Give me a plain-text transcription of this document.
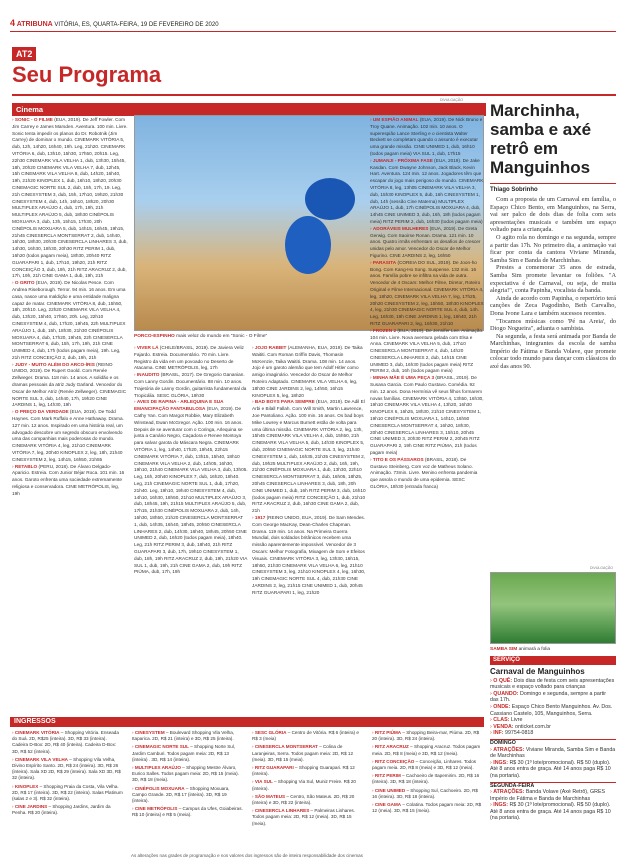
4 ATRIBUNA VITÓRIA, ES, QUARTA-FEIRA, 19 DE FEVEREIRO DE 2020
AT2
Seu Programa
Cinema
DIVULGAÇÃO

› SONIC - O FILME (EUA, 2019). De Jeff Fowler. Com Jim Carrey e James Marsden. Aventura. 100 min. Livre. Sonic tenta impedir os planos do Dr. Robotnik (Jim Carrey) de dominar o mundo. CINEMARK VITÓRIA 5, dub, 12h, 14h20, 16h40, 19h. Leg, 21h20. CINEMARK VITÓRIA 6, dub, 13h10, 15h30, 17h50, 20h15. Leg, 22h30 CINEMARK VILA VELHA 1, dub, 13h30, 15h45, 18h, 20h20 CINEMARK VILA VELHA 7, dub, 12h45, 15h CINEMARK VILA VELHA 8, dub, 14h20, 16h40, 19h, 21h20 KINOPLEX 1, dub, 16h10, 18h20, 20h30 CINEMAGIC NORTE SUL 2, dub, 15h, 17h, 19. Leg, 21h CINESYSTEM 3, dub, 15h, 17h10, 19h20, 21h30 CINESYSTEM 4, dub, 14h, 16h10, 18h20, 20h30 MULTIPLEX ARAÚJO 4, dub, 17h, 19h, 21h MULTIPLEX ARAÚJO 5, dub, 18h30 CINÉPOLIS MOXUARA 3, dub, 13h, 15h15, 17h30, 20h CINÉPOLIS MOXUARA 5, dub, 14h15, 16h45, 19h15, 21h45 CINESERCLA MONTSERRAT 2, dub, 14h40, 16h30, 18h30, 20h30 CINESERCLA LINHARES 3, dub, 14h30, 16h30, 18h30, 20h30 RITZ PERIM 1, dub, 16h20 (todos pagam meia), 18h30, 20h40 RITZ GUARAPARI 1, dub, 17h10, 19h20, 21h RITZ CONCEIÇÃO 3, dub, 19h, 21h RITZ ARACRUZ 2, dub, 17h, 19h, 21h CINE GAMA 1, dub, 19h, 21h

› O GRITO (EUA, 2019). De Nicolas Pesce. Com Andrea Riseborough. Terror. 94 min. 16 anos. Em uma casa, nasce uma maldição e uma entidade maligna capaz de matar. CINEMARK VITÓRIA 8, dub, 15h50, 18h, 20h10. Leg, 22h20 CINEMARK VILA VELHA 4, dub, 13h20, 15h40, 17h50, 20h. Leg, 22h10 CINESYSTEM 4, dub, 17h20, 19h45, 22h MULTIPLEX ARAÚJO 1, dub, 15h, 18h30, 21h30 CINÉPOLIS MOXUARA 4, dub, 17h20, 19h45, 22h CINESERCLA MONTSERRAT 6, dub, 15h, 17h, 19h, 21h CINE UNIMED 4, dub, 17h (todos pagam meia), 19h. Leg, 21h RITZ CONCEIÇÃO 2, dub, 19h, 21h

› JUDY - MUITO ALÉM DO ARCO-ÍRIS (REINO UNIDO, 2019). De Rupert Goold. Com Renée Zellweger. Drama. 118 min. 14 anos. A solidão e os dramas pessoais da atriz Judy Garland. Vencedor do Oscar de Melhor Atriz (Renée Zellweger). CINEMAGIC NORTE SUL 3, dub, 14h40, 17h, 19h20 CINE JARDINS 1, leg, 14h30, 19h

› O PREÇO DA VERDADE (EUA, 2019). De Todd Haynes. Com Mark Ruffalo e Anne Hathaway. Drama. 127 min. 12 anos. Inspirado em uma história real, um advogado descobre um segredo obscuro envolvendo uma das companhias mais poderosas do mundo. CINEMARK VITÓRIA 4, leg, 21h10 CINEMARK VITÓRIA 7, leg, 20h40 KINOPLEX 2, leg, 18h, 21h40 CINESYSTEM 2, leg, 14h15, 16h50, 21h55

› RETABLO (PERU, 2018). De Álvaro Delgado-Aparicio. Estreia. Com Junior Béjar Roca. 101 min. 16 anos. Garoto enfrenta uma sociedade extremamente religiosa e conservadora. CINE METRÓPOLIS, leg, 19h

PORCO-ESPINHO mais veloz do mundo em "Sonic - O Filme"

› VIVER LÁ (CHILE/BRASIL, 2019). De Javiera Veliz Fajardo. Estreia. Documentário. 70 min. Livre. Registro da vida em um povoado no Deserto de Atacama. CINE METRÓPOLIS, leg, 17h

› INAUDITO (BRASIL, 2017). De Gregorio Gananian. Com Lanny Gordin. Documentário. 88 min. 10 anos. Trajetória de Lanny Gordin, guitarrista fundamental da Tropicália. SESC GLÓRIA, 19h30

› AVES DE RAPINA - ARLEQUINA E SUA EMANCIPAÇÃO FANTABULOSA (EUA, 2019). De Cathy Yan. Com Margot Robbie, Mary Elizabeth Winstead, Ewan McGregor. Ação. 100 min. 16 anos. Depois de se aventurar com o Coringa, Arlequina se junta a Canário Negro, Caçadora e Renee Montoya para salvar garota do Máscara Negra. CINEMARK VITÓRIA 1, leg, 14h40, 17h20, 19h45, 22h15 CINEMARK VITÓRIA 7, dub, 13h15, 15h40, 18h10 CINEMARK VILA VELHA 2, dub, 14h05, 16h30, 19h10, 21h40 CINEMARK VILA VELHA 3, dub, 13h05. Leg, 16h, 20h40 KINOPLEX 7, dub, 16h20, 18h40. Leg, 21h CINEMAGIC NORTE SUL 1, dub, 17h20, 21h40. Leg, 19h10, 19h40 CINESYSTEM 4, dub, 14h10, 16h30, 18h50, 21h10 MULTIPLEX ARAÚJO 3, dub, 18h45, 19h, 21h15 MULTIPLEX ARAÚJO 5, dub, 17h15, 21h30 CINÉPOLIS MOXUARA 2, dub, 14h, 16h30, 18h50, 21h20 CINESERCLA MONTSERRAT 1, dub, 14h35, 16h40, 18h45, 20h50 CINESERCLA LINHARES 2, dub, 14h30, 16h40, 18h45, 20h50 CINE UNIMED 2, dub, 16h20 (todos pagam meia), 18h40. Leg, 21h RITZ PERIM 3, dub, 18h40, 21h RITZ GUARAPARI 3, dub, 17h, 19h10 CINESYSTEM 1, dub, 18h, 19h RITZ ARACRUZ 2, dub, 19h, 21h20 VIA SUL 1, dub, 19h, 21h CINE GAMA 2, dub, 19h RITZ PIÚMA, dub, 17h, 19h

› JOJO RABBIT (ALEMANHA, EUA, 2019). De Taika Waititi. Com Roman Griffin Davis, Thomasin McKenzie, Taika Waititi. Drama. 108 min. 14 anos. Jojo é um garoto alemão que tem Adolf Hitler como amigo imaginário. Vencedor do Oscar de Melhor Roteiro Adaptado. CINEMARK VILA VELHA 6, leg, 18h30 CINE JARDINS 2, leg, 14h50, 16h15 KINOPLEX 5, leg, 18h20

› BAD BOYS PARA SEMPRE (EUA, 2019). De Adil El Arbi e Bilall Fallah. Com Will Smith, Martin Lawrence, Joe Pantoliano. Ação. 100 min. 16 anos. Os bad boys Mike Lowrey e Marcus Burnett estão de volta para uma última missão. CINEMARK VITÓRIA 2, leg, 13h, 15h45 CINEMARK VILA VELHA 4, dub, 15h50, 21h CINEMARK VILA VELHA 5, dub, 14h30 KINOPLEX 5, dub, 20h50 CINEMAGIC NORTE SUL 3, leg, 21h40 CINESYSTEM 1, dub, 16h35, 21h35 CINESYSTEM 2, dub, 19h25 MULTIPLEX ARAÚJO 2, dub, 16h, 19h, 21h30 CINÉPOLIS MOXUARA 1, dub, 13h30, 22h10 CINESERCLA MONTSERRAT 3, dub, 16h05, 18h25, 20h45 CINESERCLA LINHARES 3, dub, 18h, 20h CINE UNIMED 1, dub, 16h RITZ PERIM 3, dub, 16h10 (todos pagam meia) RITZ CONCEIÇÃO 1, dub, 21h10 RITZ ARACRUZ 2, dub, 16h30 CINE GAMA 2, dub, 21h

› 1917 (REINO UNIDO, EUA, 2019). De Sam Mendes. Com George MacKay, Dean-Charles Chapman. Drama. 119 min. 14 anos. Na Primeira Guerra Mundial, dois soldados britânicos recebem uma missão aparentemente impossível. Vencedor de 3 Oscars: Melhor Fotografia, Mixagem de Som e Efeitos Visuais. CINEMARK VITÓRIA 3, leg, 13h30, 16h15, 18h50, 21h30 CINEMARK VILA VELHA 6, leg, 21h10 CINESYSTEM 3, leg, 21h10 KINOPLEX 4, leg, 16h30, 19h CINEMAGIC NORTE SUL 4, dub, 21h30 CINE JARDINS 2, leg, 21h15 CINE UNIMED 1, dub, 20h45 RITZ GUARAPARI 1, leg, 21h20

› UM ESPIÃO ANIMAL (EUA, 2019). De Nick Bruno e Troy Quane. Animação. 102 min. 10 anos. O superespião Lance Sterling e o cientista Walter Beckett se completam quando o assunto é executar uma grande missão. CINE UNIMED 1, dub, 16h10 (todos pagam meia) VIA SUL 1, dub, 17h15

› JUMANJI - PRÓXIMA FASE (EUA, 2019). De Jake Kasdan. Com Dwayne Johnson, Jack Black, Kevin Hart. Aventura. 124 min. 12 anos. Jogadores têm que escapar do jogo mais perigoso do mundo. CINEMARK VITÓRIA 8, leg, 13h05 CINEMARK VILA VELHA 3, dub, 15h30 KINOPLEX 5, dub, 16h CINESYSTEM 1, dub, 14h (sessão Cine Materna) MULTIPLEX ARAÚJO 1, dub, 17h CINÉPOLIS MOXUARA 4, dub, 14h45 CINE UNIMED 3, dub, 16h, 18h (todos pagam meia) RITZ PERIM 2, dub, 16h30 (todos pagam meia)

› ADORÁVEIS MULHERES (EUA, 2019). De Greta Gerwig. Com Saoirse Ronan. Drama. 121 min. 10 anos. Quatro irmãs enfrentam os desafios de crescer unidas pelo amor. Vencedor do Oscar de Melhor Figurino. CINE JARDINS 2, leg, 16h50

› PARASITA (COREIA DO SUL, 2019). De Joon-ho Bong. Com Kang-Ho Song. Suspense. 132 min. 16 anos. Família pobre se infiltra na vida de outra. Vencedor de 4 Oscars: Melhor Filme, Diretor, Roteiro Original e Filme Internacional. CINEMARK VITÓRIA 4, leg, 18h20, CINEMARK VILA VELHA 7, leg, 17h25, 20h20 CINESYSTEM 2, leg, 15h50, 18h30 KINOPLEX 4, leg, 21h30 CINEMAGIC NORTE SUL 4, dub, 14h. Leg, 16h30, 19h CINE JARDINS 1, leg, 16h40, 21h RITZ GUARAPARI 2, leg, 16h30, 21h10

› FROZEN 2 (EUA, 2019). De Jennifer Lee. Animação. 104 min. Livre. Nova aventura gelada com Elsa e Anna. CINEMARK VILA VELHA 5, dub, 17h10 CINESERCLA MONTSERRAT 4, dub, 14h20 CINESERCLA LINHARES 2, dub, 14h15 CINE UNIMED 3, dub, 16h30 (todos pagam meia) RITZ PERIM 2, dub, 16h (todos pagam meia)

› MINHA MÃE É UMA PEÇA 3 (BRASIL, 2019). De Susana Garcia. Com Paulo Gustavo. Comédia. 92 min. 12 anos. Dona Hermínia vê seus filhos formarem novas famílias. CINEMARK VITÓRIA 4, 13h50, 16h30, 19h10 CINEMARK VILA VELHA 4, 13h20, 16h30 KINOPLEX 6, 16h25, 18h30, 21h10 CINESYSTEM 1, 19h10 CINÉPOLIS MOXUARA 1, 14h10, 16h50 CINESERCLA MONTSERRAT 4, 16h20, 18h30, 20h40 CINESERCLA LINHARES 3, 15h10, 20h45 CINE UNIMED 3, 20h30 RITZ PERIM 2, 20h45 RITZ GUARAPARI 2, 19h CINE RITZ PIÚMA, 21h (todos pagam meia)

› TITO E OS PÁSSAROS (BRASIL, 2018). De Gustavo Steinberg. Com voz de Matheus Solano. Animação. 73min. Livre. Menino enfrenta pandemia que assola o mundo de uma epidemia. SESC GLÓRIA, 18h30 (entrada franca)

Marchinha, samba e axé retrô em Manguinhos
Thiago Sobrinho

Com a proposta de um Carnaval em família, o Espaço Chico Bento, em Manguinhos, na Serra, vai ser palco de dois dias de folia com seis apresentações musicais e também um espaço voltado para a criançada.

O agito rola no domingo e na segunda, sempre a partir das 17h. No primeiro dia, a animação vai ficar por conta da cantora Viviane Miranda, Samba Sim e Banda de Marchinhas.

Prestes a comemorar 35 anos de estrada, Samba Sim promete levantar os foliões. "A expectativa é de Carnaval, ou seja, de muita alegria!", conta Papinha, vocalista da banda.

Ainda de acordo com Papinha, o repertório terá canções de Zeca Pagodinho, Beth Carvalho, Dona Ivone Lara e também sucessos recentes.

"Tocamos músicas como 'Pé na Areia', do Diogo Nogueira", adianta o sambista.

Na segunda, a festa será animada por Banda de Marchinhas, integrantes da escola de samba Império de Fátima e Banda Volave, que promete colocar todo mundo para dançar com clássicos do axé das anos 90.

DIVULGAÇÃO
SAMBA SIM animará a folia
SERVIÇO
Carnaval de Manguinhos

› O QUÊ: Dois dias de festa com seis apresentações musicais e espaço voltado para crianças

› QUANDO: Domingo e segunda, sempre a partir das 17h.

› ONDE: Espaço Chico Bento Manguinhos. Av. Dos. Cassiano Castelo, 105, Manguinhos, Serra.

› CLAS: Livre

› VENDA: onticket.com.br

› INF: 99754-0818

DOMINGO

› ATRAÇÕES: Viviane Miranda, Samba Sim e Banda de Marchinhas

› INGS: R$ 30 (1º lote/promocional). R$ 50 (duplo). Até 8 anos entra de graça. Até 14 anos paga R$ 10 (na portaria).

SEGUNDA-FEIRA

› ATRAÇÕES: Banda Volave (Axé Retrô), GRES Império de Fátima e Banda de Marchinhas

› INGS: R$ 30 (1º lote/promocional). R$ 50 (duplo). Até 8 anos entra de graça. Até 14 anos paga R$ 10 (na portaria).

INGRESSOS

› CINEMARK VITÓRIA – Shopping Vitória. Enseada do Suá. 2D, R$25 (inteira). 3D, R$ 33 (inteira). Cadeira D-Box: 2D, R$ 40 (inteira). Cadeira D-Box: 3D, R$ 52 (inteira).

› CINEMARK VILA VELHA – Shopping Vila Velha, Divino Espírito Santo. 2D, R$ 24 (inteira). 3D, R$ 26 (inteira). Sala XD 2D, R$ 29 (inteira). Sala XD 3D, R$ 32 (inteira).

› KINOPLEX – Shopping Praia da Costa, Vila Velha. 2D, R$ 17 (inteira). 3D, R$ 22 (inteira). Salas Platinum (salas 2 e 3). R$ 32 (inteira).

› CINE JARDINS – Shopping Jardins, Jardim da Penha. R$ 20 (inteira).

› CINESYSTEM – Boulevard Shopping Vila Velha, Itaparica. 2D, R$ 21 (inteira) e 3D, R$ 25 (inteira).

› CINEMAGIC NORTE SUL – Shopping Norte Sul, Jardim Camburi. Todos pagam meia: 2D, R$ 13 (inteira) . 3D, R$ 14 (inteira).

› MULTIPLEX ARAÚJO – Shopping Mestre Álvaro, Eurico Salles. Todos pagam meia: 2D, R$ 15 (meia). 3D, R$ 18 (meia).

› CINÉPOLIS MOXUARA – Shopping Moxuara, Campo Grande. 2D, R$ 17 (inteira). 3D, R$ 19 (inteira).

› CINE METRÓPOLIS – Campus da Ufes, Goiabeiras. R$ 10 (inteira) e R$ 5 (meia).

› SESC GLÓRIA – Centro de Vitória. R$ 6 (inteira) e R$ 3 (meia)

› CINESERCLA MONTSERRAT – Colina de Laranjeiras, Serra. Todos pagam meia: 2D, R$ 12 (meia). 3D, R$ 15 (meia).

› RITZ GUARAPARI – Shopping Guarapari. R$ 12 (inteira).

› VIA SUL – Shopping Via Sul, Muniz Freire. R$ 20 (inteira).

› SÃO MATEUS – Centro, São Mateus. 2D, R$ 20 (inteira) e 3D, R$ 22 (inteira).

› CINESERCLA LINHARES – Palmeiras Linhares. Todos pagam meia: 2D, R$ 12 (meia). 3D, R$ 15 (meia).

› RITZ PIÚMA – Shopping Beira-mar, Piúma. 2D, R$ 20 (inteira). 3D, R$ 24 (inteira).

› RITZ ARACRUZ – Shopping Aracruz. Todos pagam meia. 2D, R$ 8 (meia) e 3D, R$ 12 (meia).

› RITZ CONCEIÇÃO – Conceição, Linhares. Todos pagam meia. 2D, R$ 8 (meia) e 3D, R$ 12 (meia).

› RITZ PERIM – Cachoeiro de Itapemirim. 2D, R$ 16 (inteira). 3D, R$ 18 (inteira).

› CINE UNIMED – Shopping Sul, Cachoeiro. 2D, R$ 16 (inteira). 3D, R$ 18 (inteira).

› CINE GAMA – Colatina. Todos pagam meia: 2D, R$ 12 (meia). 3D, R$ 15 (meia).

As alterações nas grades de programação e nos valores dos ingressos são de inteira responsabilidade dos cinemas
